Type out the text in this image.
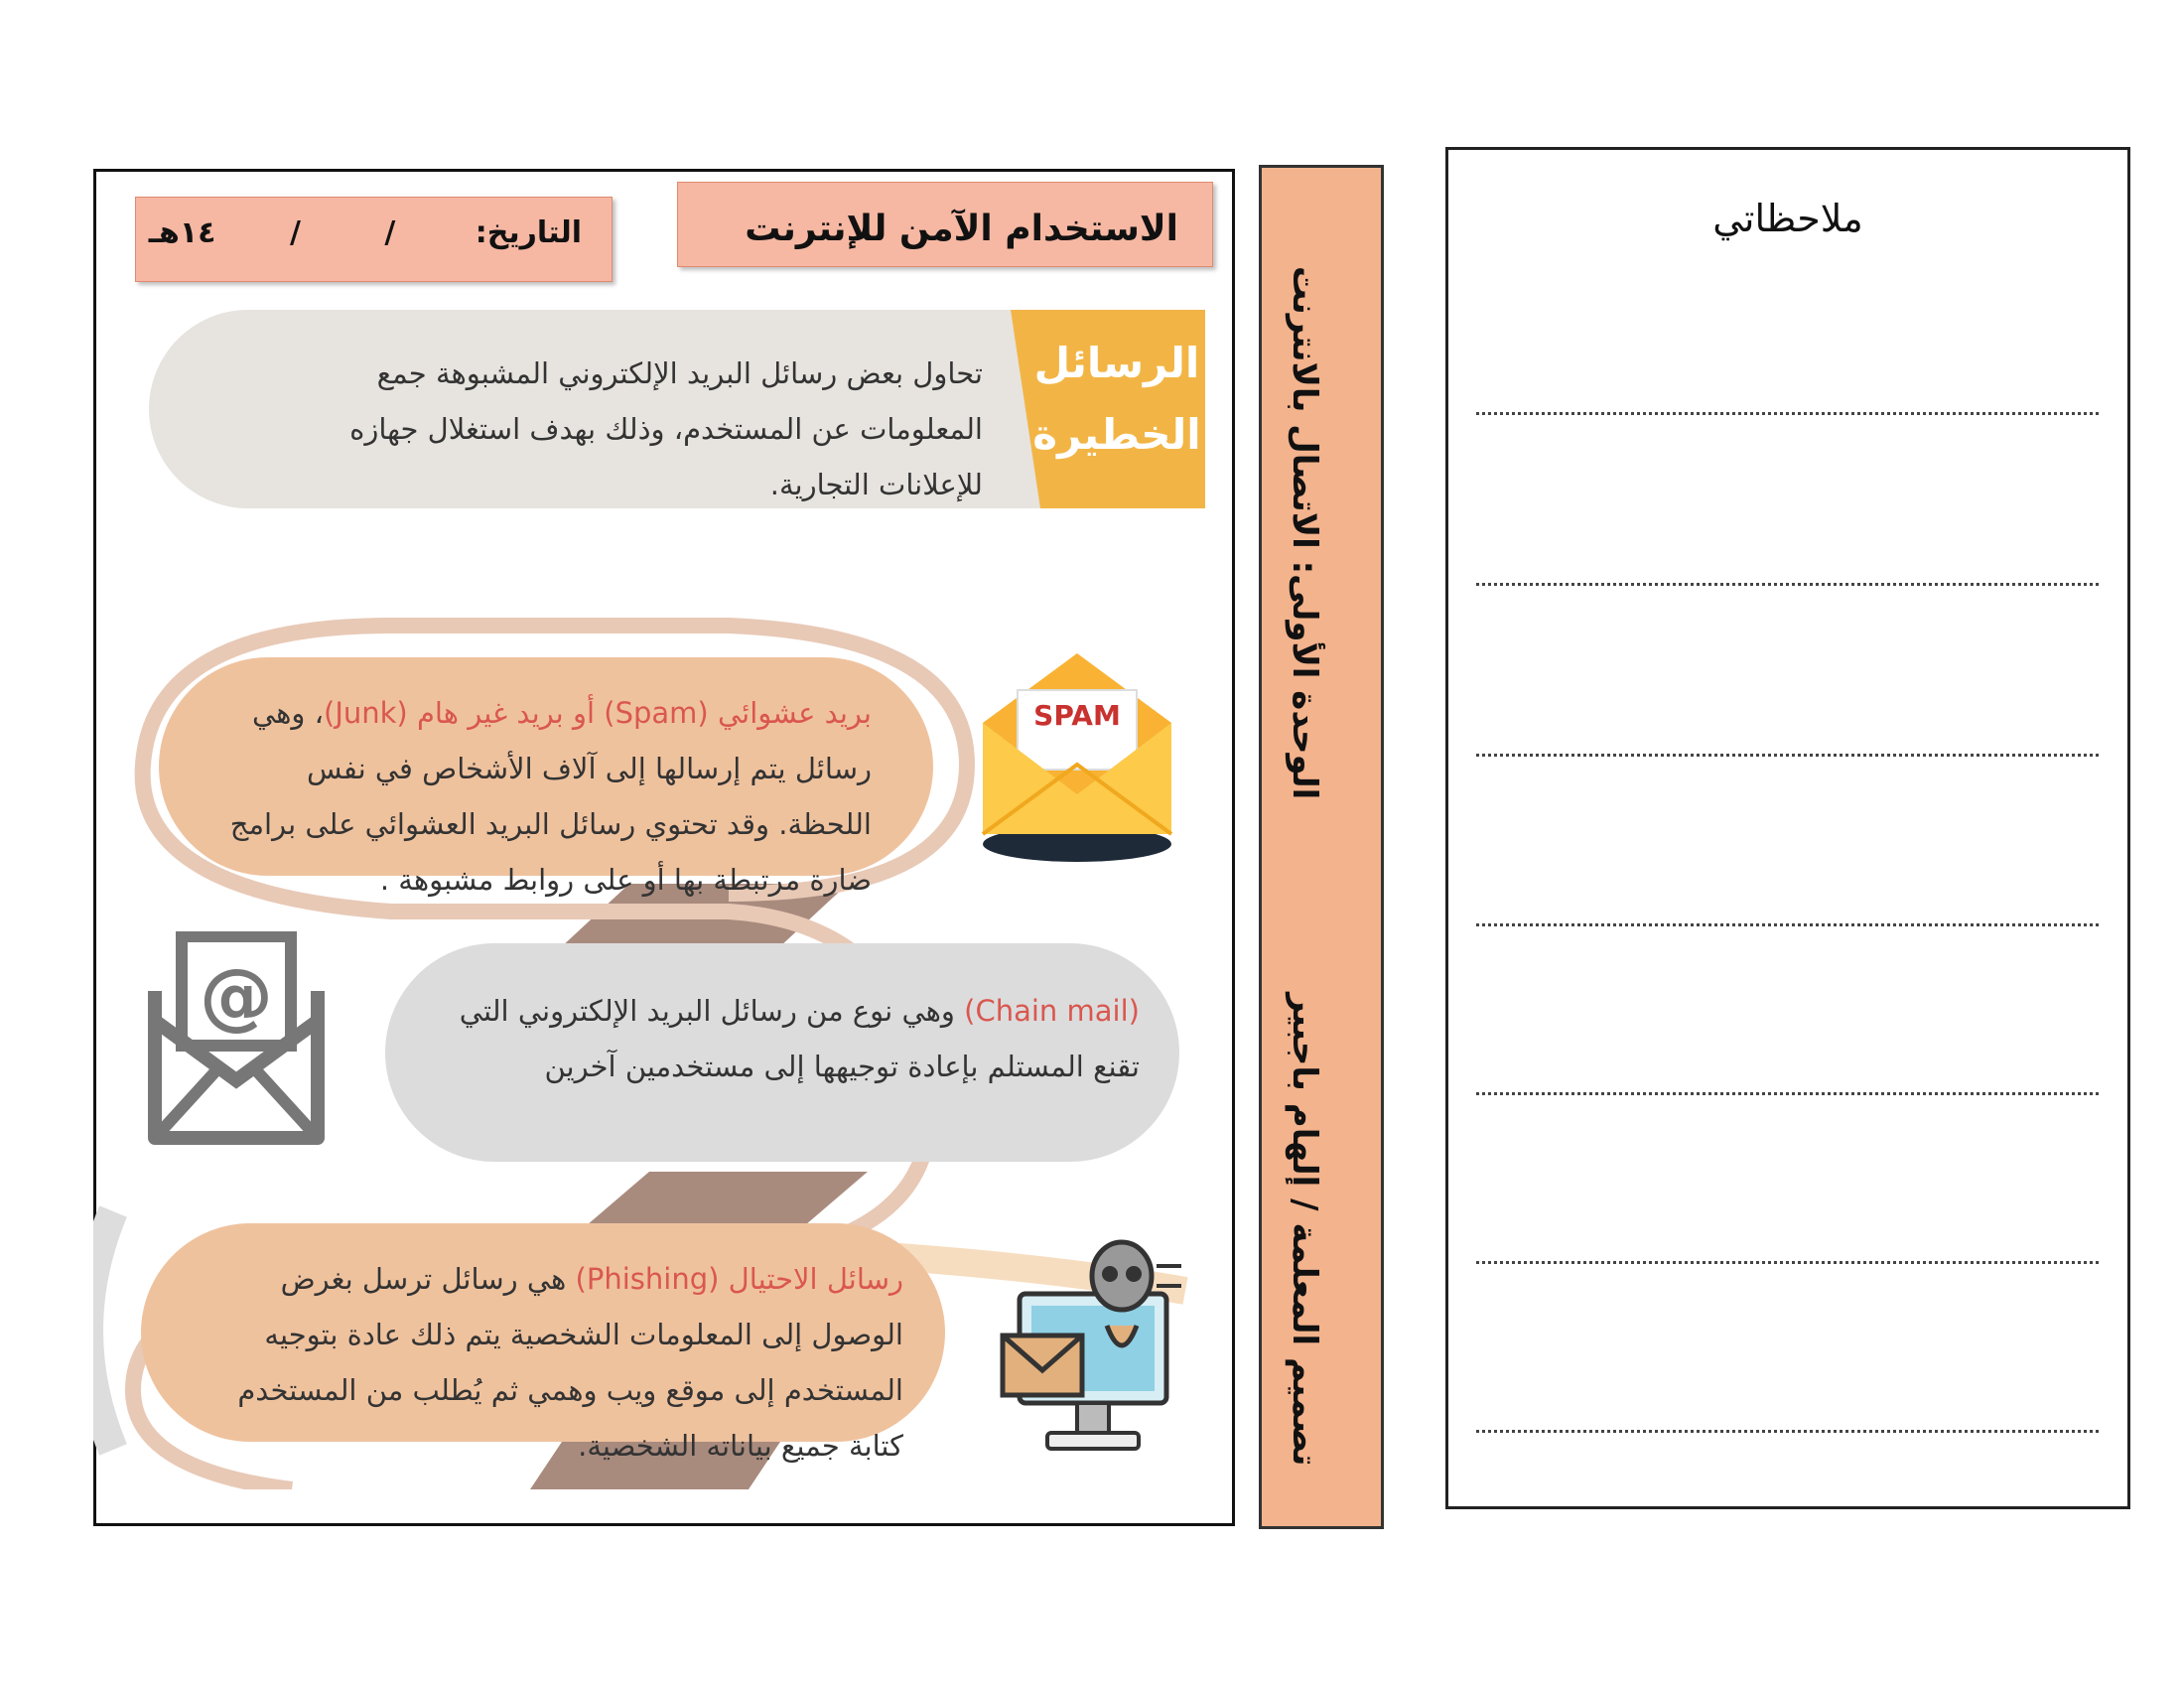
الاستخدام الآمن للإنترنت
التاريخ: / / ١٤هـ
الرسائل
الخطيرة
تحاول بعض رسائل البريد الإلكتروني المشبوهة جمع المعلومات عن المستخدم، وذلك بهدف استغلال جهازه للإعلانات التجارية.
بريد عشوائي (Spam) أو بريد غير هام (Junk)، وهي رسائل يتم إرسالها إلى آلاف الأشخاص في نفس اللحظة. وقد تحتوي رسائل البريد العشوائي على برامج ضارة مرتبطة بها أو على روابط مشبوهة .
SPAM
(Chain mail) وهي نوع من رسائل البريد الإلكتروني التي تقنع المستلم بإعادة توجيهها إلى مستخدمين آخرين
@
رسائل الاحتيال (Phishing) هي رسائل ترسل بغرض الوصول إلى المعلومات الشخصية يتم ذلك عادة بتوجيه المستخدم إلى موقع ويب وهمي ثم يُطلب من المستخدم كتابة جميع بياناته الشخصية.
الوحدة الأولى: الاتصال بالانترنت
تصميم المعلمة / إلهام باجبير
ملاحظاتي
